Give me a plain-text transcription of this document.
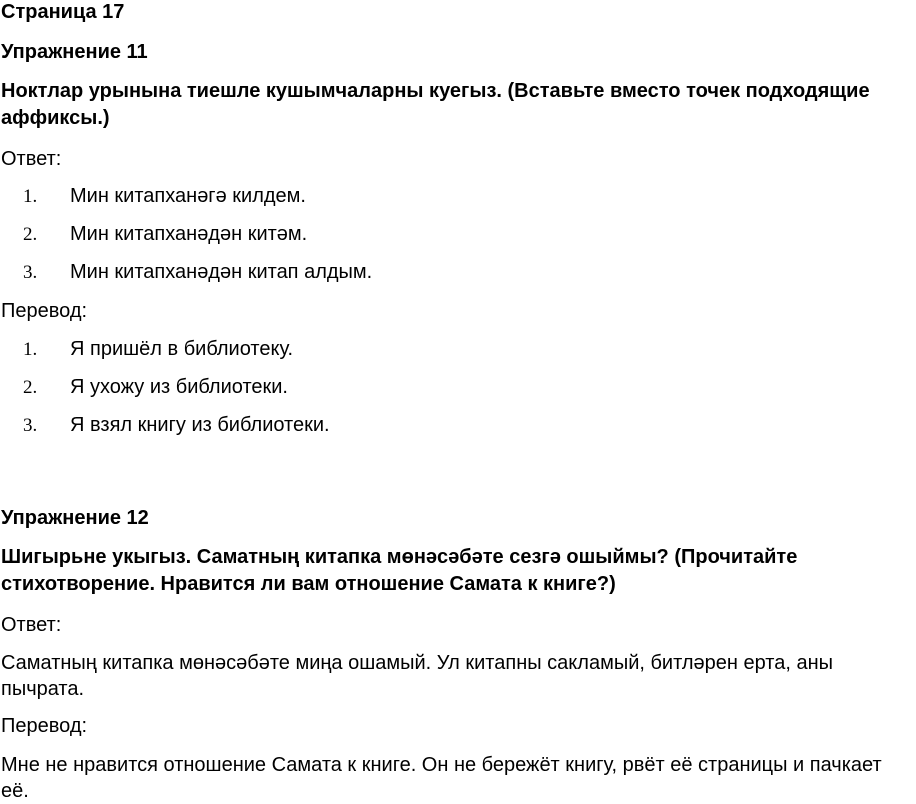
Страница 17
Упражнение 11
Ноктлар урынына тиешле кушымчаларны куегыз. (Вставьте вместо точек подходящие аффиксы.)
Ответ:
1. Мин китапханәгә килдем.
2. Мин китапханәдән китәм.
3. Мин китапханәдән китап алдым.
Перевод:
1. Я пришёл в библиотеку.
2. Я ухожу из библиотеки.
3. Я взял книгу из библиотеки.
Упражнение 12
Шигырьне укыгыз. Саматның китапка мөнәсәбәте сезгә ошыймы? (Прочитайте стихотворение. Нравится ли вам отношение Самата к книге?)
Ответ:
Саматның китапка мөнәсәбәте миңа ошамый. Ул китапны сакламый, битләрен ерта, аны пычрата.
Перевод:
Мне не нравится отношение Самата к книге. Он не бережёт книгу, рвёт её страницы и пачкает её.
